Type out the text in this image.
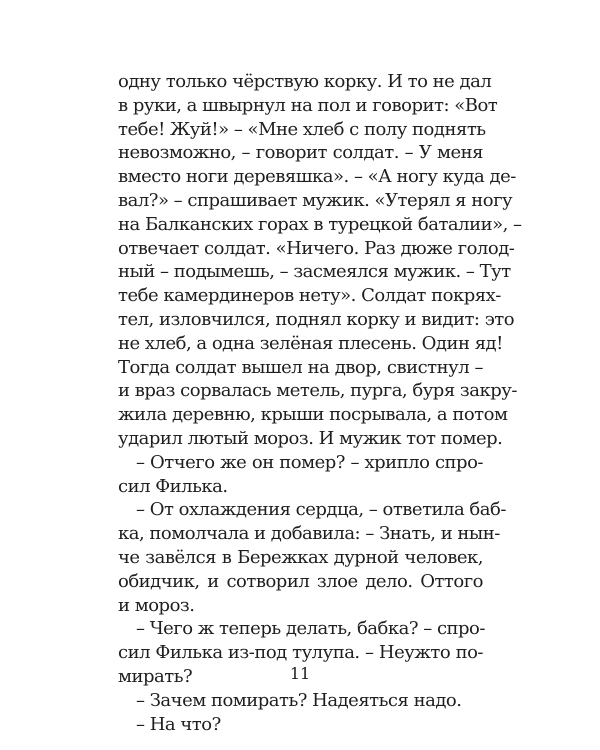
одну только чёрствую корку. И то не дал
в руки, а швырнул на пол и говорит: «Вот
тебе! Жуй!» – «Мне хлеб с полу поднять
невозможно, – говорит солдат. – У меня
вместо ноги деревяшка». – «А ногу куда де-
вал?» – спрашивает мужик. «Утерял я ногу
на Балканских горах в турецкой баталии», –
отвечает солдат. «Ничего. Раз дюже голод-
ный – подымешь, – засмеялся мужик. – Тут
тебе камердинеров нету». Солдат покрях-
тел, изловчился, поднял корку и видит: это
не хлеб, а одна зелёная плесень. Один яд!
Тогда солдат вышел на двор, свистнул –
и враз сорвалась метель, пурга, буря закру-
жила деревню, крыши посрывала, а потом
ударил лютый мороз. И мужик тот помер.
– Отчего же он помер? – хрипло спро-
сил Филька.
– От охлаждения сердца, – ответила баб-
ка, помолчала и добавила: – Знать, и нын-
че завёлся в Бережках дурной человек,
обидчик, и сотворил злое дело. Оттого
и мороз.
– Чего ж теперь делать, бабка? – спро-
сил Филька из-под тулупа. – Неужто по-
мирать?
– Зачем помирать? Надеяться надо.
– На что?
11
